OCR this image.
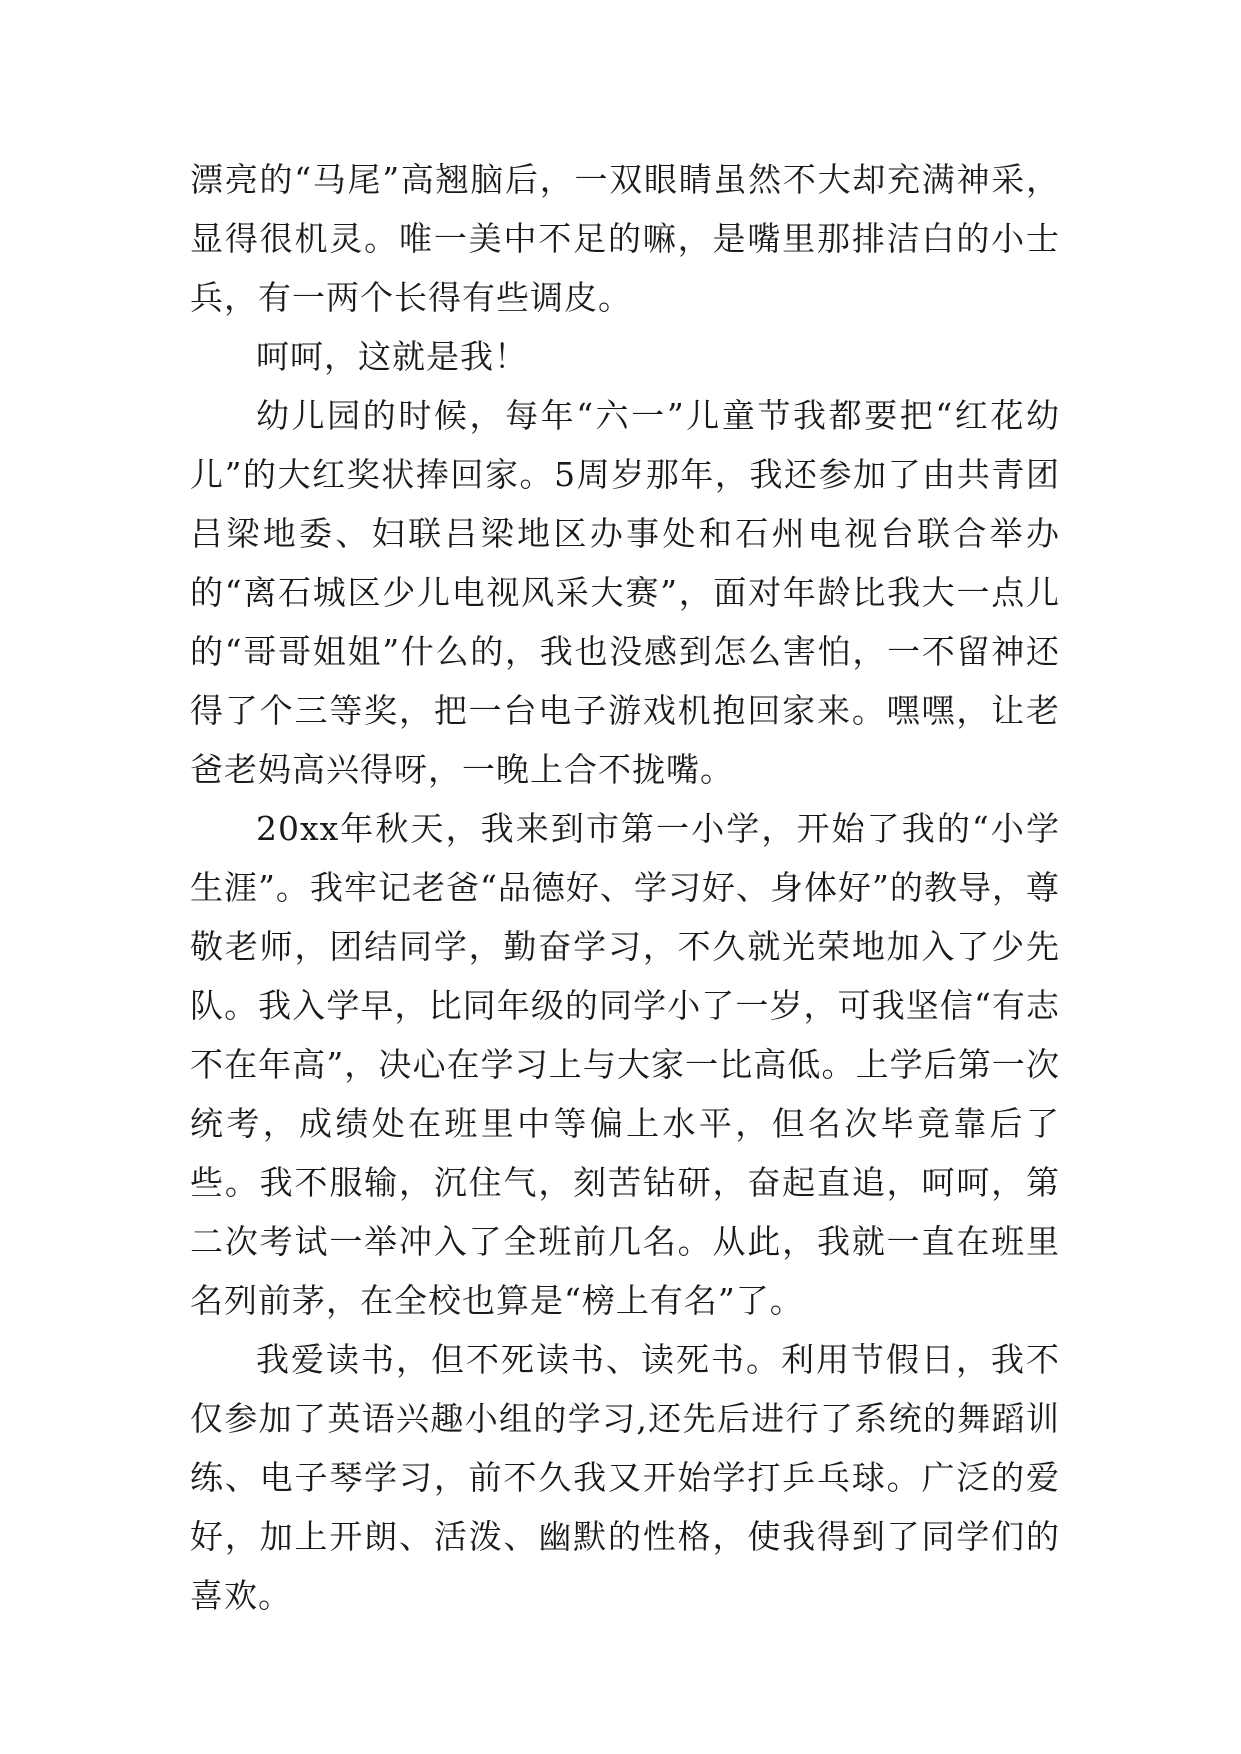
漂亮的“马尾”高翘脑后，一双眼睛虽然不大却充满神采，显得很机灵。唯一美中不足的嘛，是嘴里那排洁白的小士兵，有一两个长得有些调皮。

呵呵，这就是我！

幼儿园的时候，每年“六一”儿童节我都要把“红花幼儿”的大红奖状捧回家。5周岁那年，我还参加了由共青团吕梁地委、妇联吕梁地区办事处和石州电视台联合举办的“离石城区少儿电视风采大赛”，面对年龄比我大一点儿的“哥哥姐姐”什么的，我也没感到怎么害怕，一不留神还得了个三等奖，把一台电子游戏机抱回家来。嘿嘿，让老爸老妈高兴得呀，一晚上合不拢嘴。

20xx年秋天，我来到市第一小学，开始了我的“小学生涯”。我牢记老爸“品德好、学习好、身体好”的教导，尊敬老师，团结同学，勤奋学习，不久就光荣地加入了少先队。我入学早，比同年级的同学小了一岁，可我坚信“有志不在年高”，决心在学习上与大家一比高低。上学后第一次统考，成绩处在班里中等偏上水平，但名次毕竟靠后了些。我不服输，沉住气，刻苦钻研，奋起直追，呵呵，第二次考试一举冲入了全班前几名。从此，我就一直在班里名列前茅，在全校也算是“榜上有名”了。

我爱读书，但不死读书、读死书。利用节假日，我不仅参加了英语兴趣小组的学习,还先后进行了系统的舞蹈训练、电子琴学习，前不久我又开始学打乒乓球。广泛的爱好，加上开朗、活泼、幽默的性格，使我得到了同学们的喜欢。
